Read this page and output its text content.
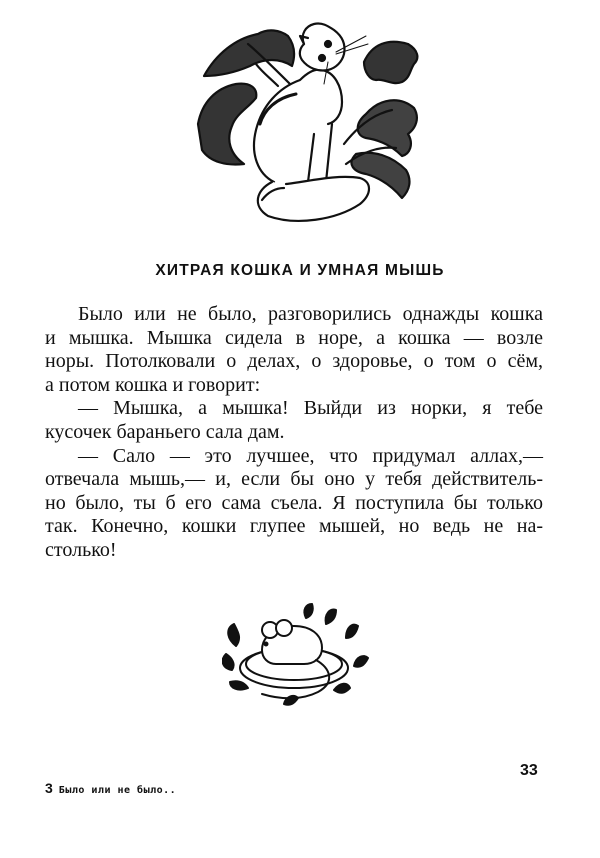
ХИТРАЯ КОШКА И УМНАЯ МЫШЬ
Было или не было, разговорились однажды кошка
и мышка. Мышка сидела в норе, а кошка — возле
норы. Потолковали о делах, о здоровье, о том о сём,
а потом кошка и говорит:
— Мышка, а мышка! Выйди из норки, я тебе
кусочек бараньего сала дам.
— Сало — это лучшее, что придумал аллах,—
отвечала мышь,— и, если бы оно у тебя действитель-
но было, ты б его сама съела. Я поступила бы только
так. Конечно, кошки глупее мышей, но ведь не на-
столько!
33
3 Было или не было..
